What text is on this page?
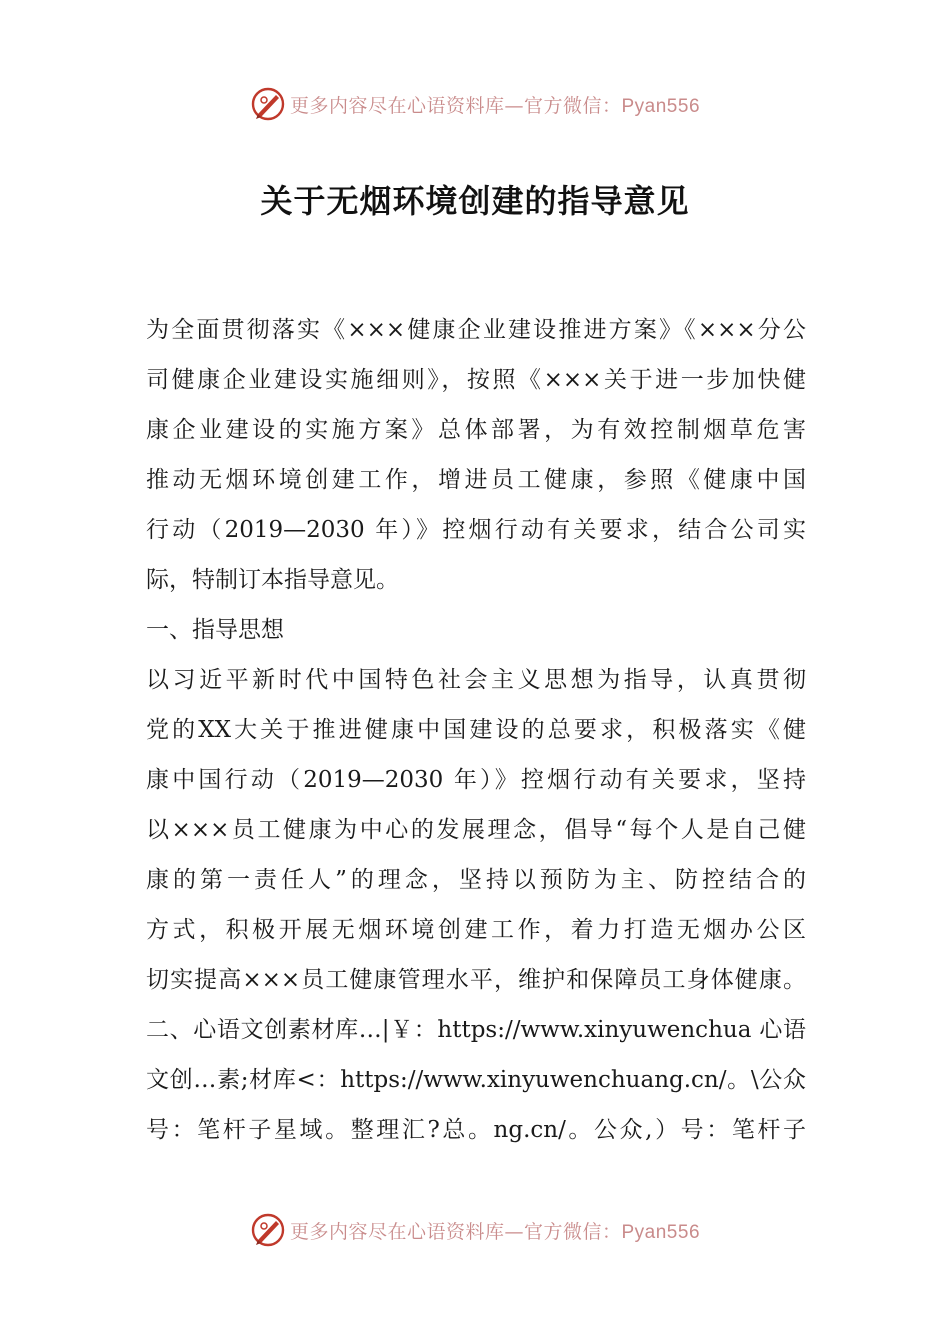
更多内容尽在心语资料库—官方微信：Pyan556
关于无烟环境创建的指导意见
为全面贯彻落实《×××健康企业建设推进方案》《×××分公
司健康企业建设实施细则》，按照《×××关于进一步加快健
康企业建设的实施方案》总体部署，为有效控制烟草危害
推动无烟环境创建工作，增进员工健康，参照《健康中国
行动（2019—2030 年）》控烟行动有关要求，结合公司实
际，特制订本指导意见。
一、指导思想
以习近平新时代中国特色社会主义思想为指导，认真贯彻
党的XX大关于推进健康中国建设的总要求，积极落实《健
康中国行动（2019—2030 年）》控烟行动有关要求，坚持
以×××员工健康为中心的发展理念，倡导“每个人是自己健
康的第一责任人”的理念，坚持以预防为主、防控结合的
方式，积极开展无烟环境创建工作，着力打造无烟办公区
切实提高×××员工健康管理水平，维护和保障员工身体健康。
二、心语文创素材库…|￥：https://www.xinyuwenchua 心语
文创…素;材库<：https://www.xinyuwenchuang.cn/。\公众
号：笔杆子星域。整理汇?总。ng.cn/。公众,）号：笔杆子
更多内容尽在心语资料库—官方微信：Pyan556
